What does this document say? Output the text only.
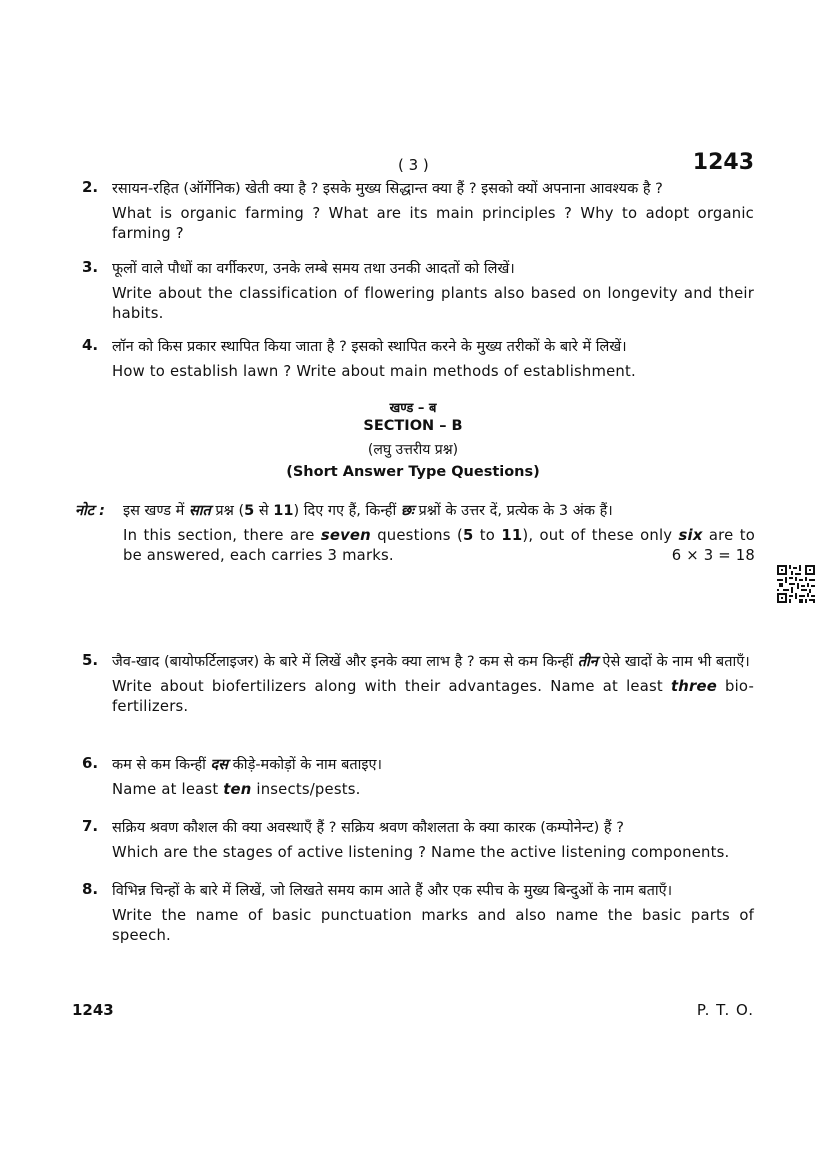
( 3 )	1243
2. रसायन-रहित (ऑर्गेनिक) खेती क्या है ? इसके मुख्य सिद्धान्त क्या हैं ? इसको क्यों अपनाना आवश्यक है ?
What is organic farming ? What are its main principles ? Why to adopt organic farming ?
3. फूलों वाले पौधों का वर्गीकरण, उनके लम्बे समय तथा उनकी आदतों को लिखें।
Write about the classification of flowering plants also based on longevity and their habits.
4. लॉन को किस प्रकार स्थापित किया जाता है ? इसको स्थापित करने के मुख्य तरीकों के बारे में लिखें।
How to establish lawn ? Write about main methods of establishment.
खण्ड – ब
SECTION – B
(लघु उत्तरीय प्रश्न)
(Short Answer Type Questions)
नोट : इस खण्ड में सात प्रश्न (5 से 11) दिए गए हैं, किन्हीं छः प्रश्नों के उत्तर दें, प्रत्येक के 3 अंक हैं।
In this section, there are seven questions (5 to 11), out of these only six are to be answered, each carries 3 marks.	6 × 3 = 18
5. जैव-खाद (बायोफर्टिलाइजर) के बारे में लिखें और इनके क्या लाभ है ? कम से कम किन्हीं तीन ऐसे खादों के नाम भी बताएँ।
Write about biofertilizers along with their advantages. Name at least three bio-fertilizers.
6. कम से कम किन्हीं दस कीड़े-मकोड़ों के नाम बताइए।
Name at least ten insects/pests.
7. सक्रिय श्रवण कौशल की क्या अवस्थाएँ हैं ? सक्रिय श्रवण कौशलता के क्या कारक (कम्पोनेन्ट) हैं ?
Which are the stages of active listening ? Name the active listening components.
8. विभिन्न चिन्हों के बारे में लिखें, जो लिखते समय काम आते हैं और एक स्पीच के मुख्य बिन्दुओं के नाम बताएँ।
Write the name of basic punctuation marks and also name the basic parts of speech.
1243	P. T. O.
